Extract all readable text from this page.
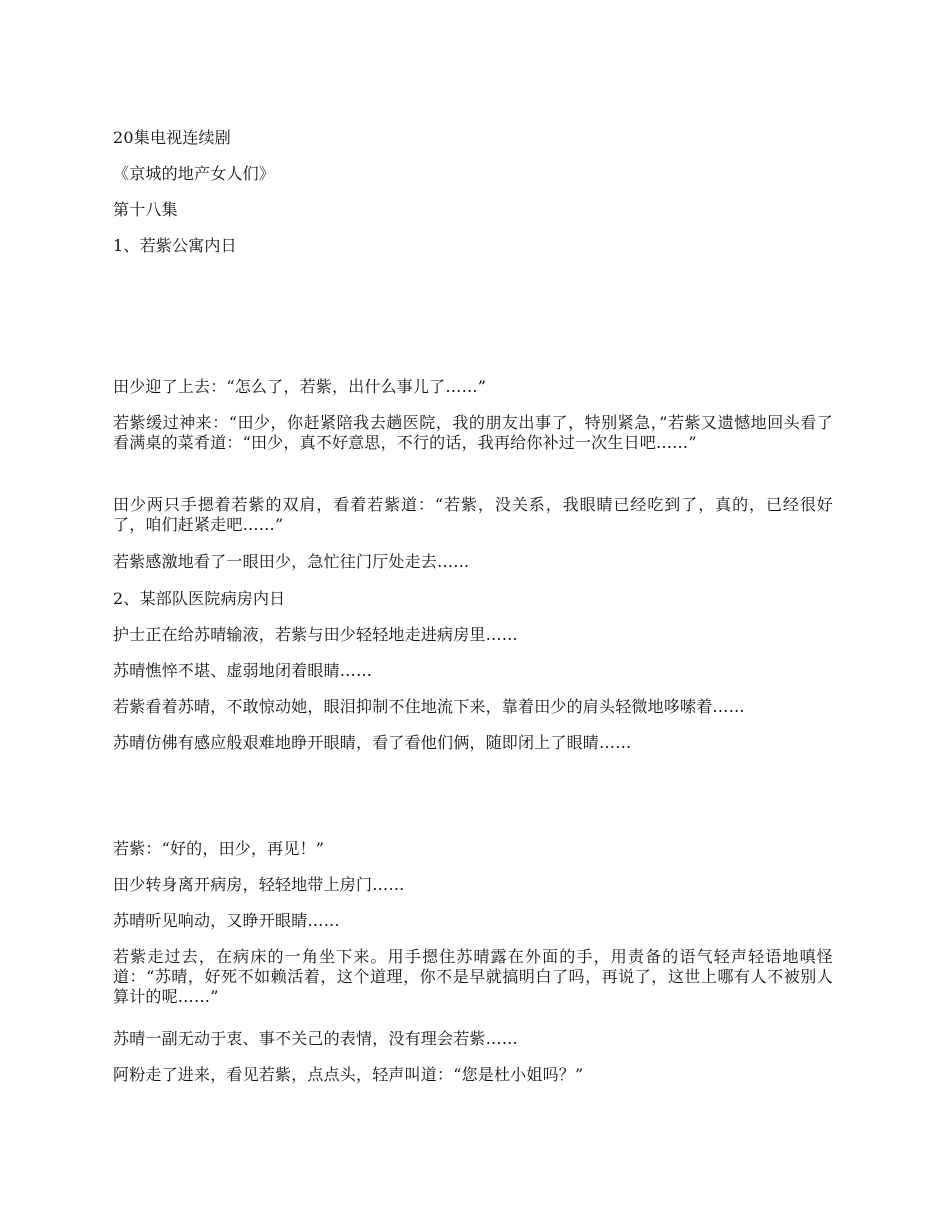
20集电视连续剧
《京城的地产女人们》
第十八集
1、若紫公寓内日
田少迎了上去：“怎么了，若紫，出什么事儿了……”
若紫缓过神来：“田少，你赶紧陪我去趟医院，我的朋友出事了，特别紧急，”若紫又遗憾地回头看了看满桌的菜肴道：“田少，真不好意思，不行的话，我再给你补过一次生日吧……”
田少两只手摁着若紫的双肩，看着若紫道：“若紫，没关系，我眼睛已经吃到了，真的，已经很好了，咱们赶紧走吧……”
若紫感激地看了一眼田少，急忙往门厅处走去……
2、某部队医院病房内日
护士正在给苏晴输液，若紫与田少轻轻地走进病房里……
苏晴憔悴不堪、虚弱地闭着眼睛……
若紫看着苏晴，不敢惊动她，眼泪抑制不住地流下来，靠着田少的肩头轻微地哆嗦着……
苏晴仿佛有感应般艰难地睁开眼睛，看了看他们俩，随即闭上了眼睛……
若紫：“好的，田少，再见！”
田少转身离开病房，轻轻地带上房门……
苏晴听见响动，又睁开眼睛……
若紫走过去，在病床的一角坐下来。用手摁住苏晴露在外面的手，用责备的语气轻声轻语地嗔怪道：“苏晴，好死不如赖活着，这个道理，你不是早就搞明白了吗，再说了，这世上哪有人不被别人算计的呢……”
苏晴一副无动于衷、事不关己的表情，没有理会若紫……
阿粉走了进来，看见若紫，点点头，轻声叫道：“您是杜小姐吗？”
